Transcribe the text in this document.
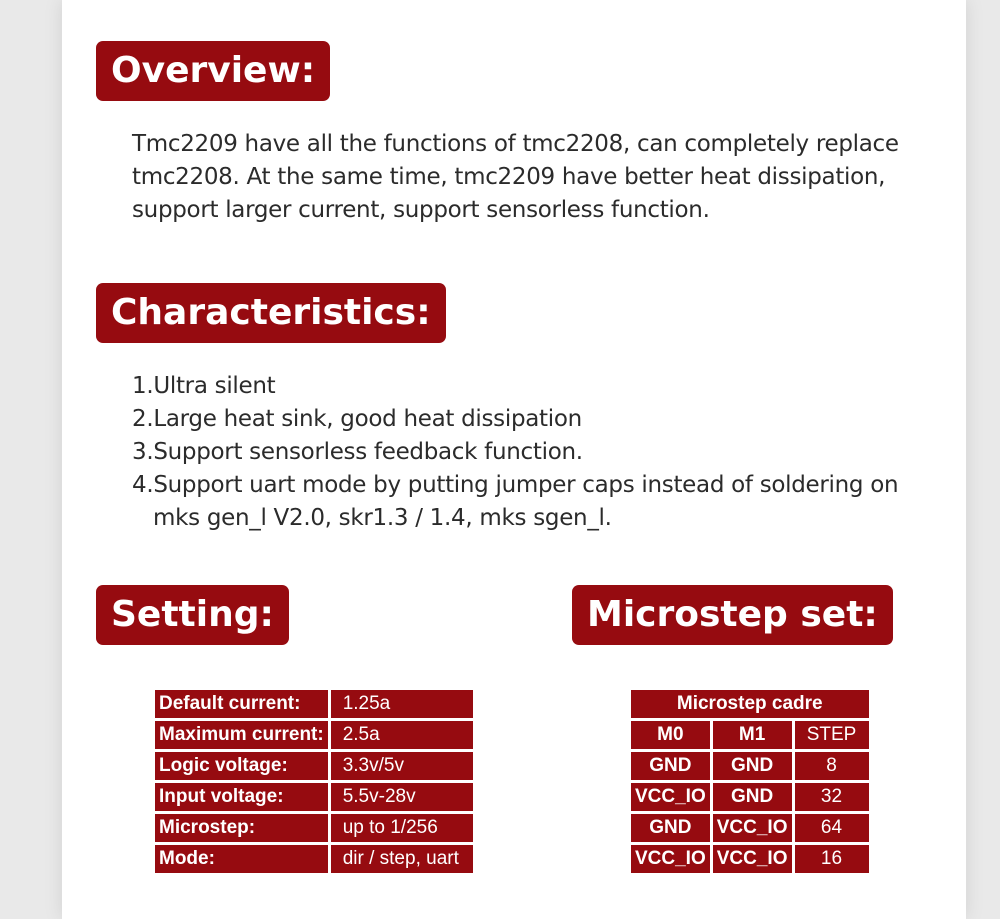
Overview:

Tmc2209 have all the functions of tmc2208, can completely replace tmc2208. At the same time, tmc2209 have better heat dissipation, support larger current, support sensorless function.

Characteristics:
1.Ultra silent
2.Large heat sink, good heat dissipation
3.Support sensorless feedback function.
4.Support uart mode by putting jumper caps instead of soldering on mks gen_l V2.0, skr1.3 / 1.4, mks sgen_l.
Setting:
Default current:	1.25a
Maximum current:	2.5a
Logic voltage:	3.3v/5v
Input voltage:	5.5v-28v
Microstep:	up to 1/256
Mode:	dir / step, uart
Microstep set:
Microstep cadre		
M0	M1	STEP
GND	GND	8
VCC_IO	GND	32
GND	VCC_IO	64
VCC_IO	VCC_IO	16
